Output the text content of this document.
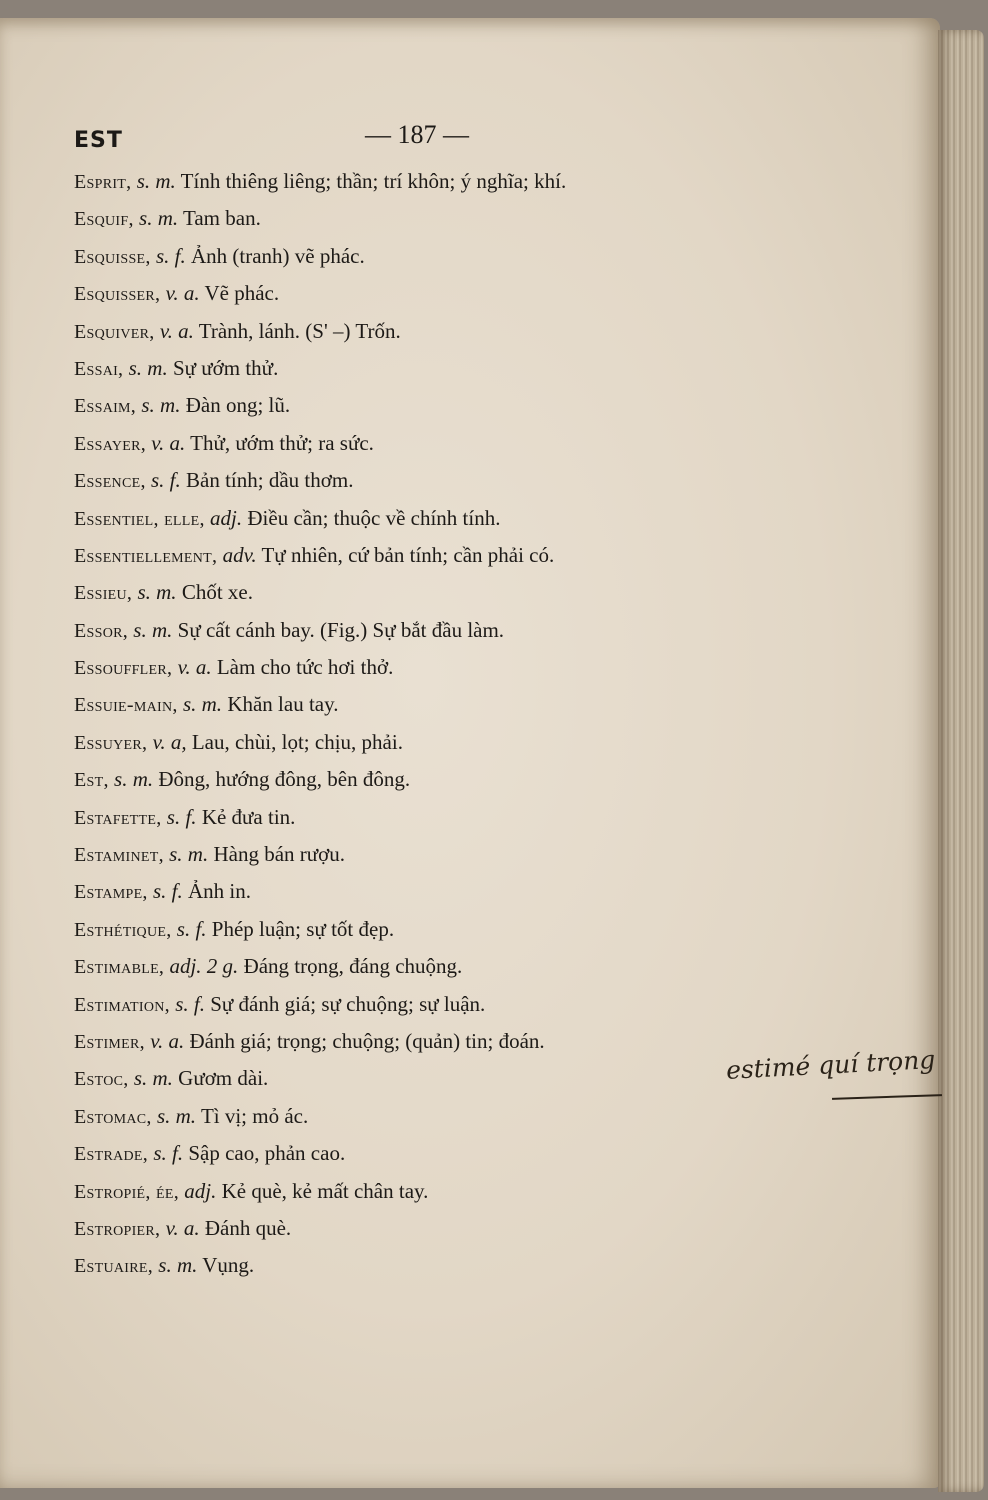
EST	— 187 —
Esprit, s. m. Tính thiêng liêng; thần; trí khôn; ý nghĩa; khí.
Esquif, s. m. Tam ban.
Esquisse, s. f. Ảnh (tranh) vẽ phác.
Esquisser, v. a. Vẽ phác.
Esquiver, v. a. Trành, lánh. (S' –) Trốn.
Essai, s. m. Sự ướm thử.
Essaim, s. m. Đàn ong; lũ.
Essayer, v. a. Thử, ướm thử; ra sức.
Essence, s. f. Bản tính; dầu thơm.
Essentiel, elle, adj. Điều cần; thuộc về chính tính.
Essentiellement, adv. Tự nhiên, cứ bản tính; cần phải có.
Essieu, s. m. Chốt xe.
Essor, s. m. Sự cất cánh bay. (Fig.) Sự bắt đầu làm.
Essouffler, v. a. Làm cho tức hơi thở.
Essuie-main, s. m. Khăn lau tay.
Essuyer, v. a, Lau, chùi, lọt; chịu, phải.
Est, s. m. Đông, hướng đông, bên đông.
Estafette, s. f. Kẻ đưa tin.
Estaminet, s. m. Hàng bán rượu.
Estampe, s. f. Ảnh in.
Esthétique, s. f. Phép luận; sự tốt đẹp.
Estimable, adj. 2 g. Đáng trọng, đáng chuộng.
Estimation, s. f. Sự đánh giá; sự chuộng; sự luận.
Estimer, v. a. Đánh giá; trọng; chuộng; (quản) tin; đoán.
Estoc, s. m. Gươm dài.
Estomac, s. m. Tì vị; mỏ ác.
Estrade, s. f. Sập cao, phản cao.
Estropié, ée, adj. Kẻ què, kẻ mất chân tay.
Estropier, v. a. Đánh què.
Estuaire, s. m. Vụng.
estimé quí trọng
